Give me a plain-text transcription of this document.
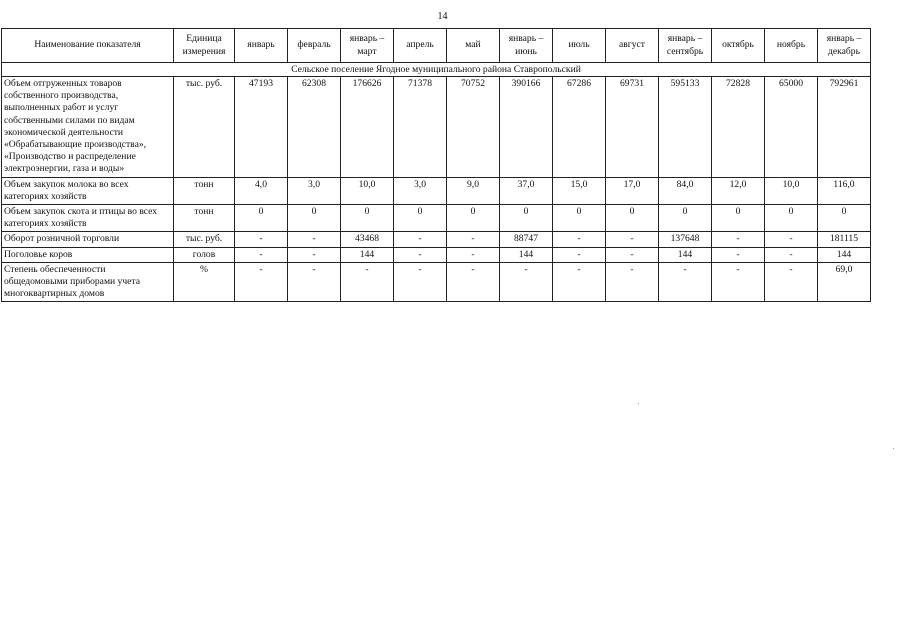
14
Наименование показателя	Единица измерения	январь	февраль	январь – март	апрель	май	январь – июнь	июль	август	январь – сентябрь	октябрь	ноябрь	январь – декабрь
Сельское поселение Ягодное муниципального района Ставропольский													
Объем отгруженных товаров собственного производства, выполненных работ и услуг собственными силами по видам экономической деятельности «Обрабатывающие производства», «Производство и распределение электроэнергии, газа и воды»	тыс. руб.	47193	62308	176626	71378	70752	390166	67286	69731	595133	72828	65000	792961
Объем закупок молока во всех категориях хозяйств	тонн	4,0	3,0	10,0	3,0	9,0	37,0	15,0	17,0	84,0	12,0	10,0	116,0
Объем закупок скота и птицы во всех категориях хозяйств	тонн	0	0	0	0	0	0	0	0	0	0	0	0
Оборот розничной торговли	тыс. руб.	-	-	43468	-	-	88747	-	-	137648	-	-	181115
Поголовье коров	голов	-	-	144	-	-	144	-	-	144	-	-	144
Степень обеспеченности общедомовыми приборами учета многоквартирных домов	%	-	-	-	-	-	-	-	-	-	-	-	69,0
